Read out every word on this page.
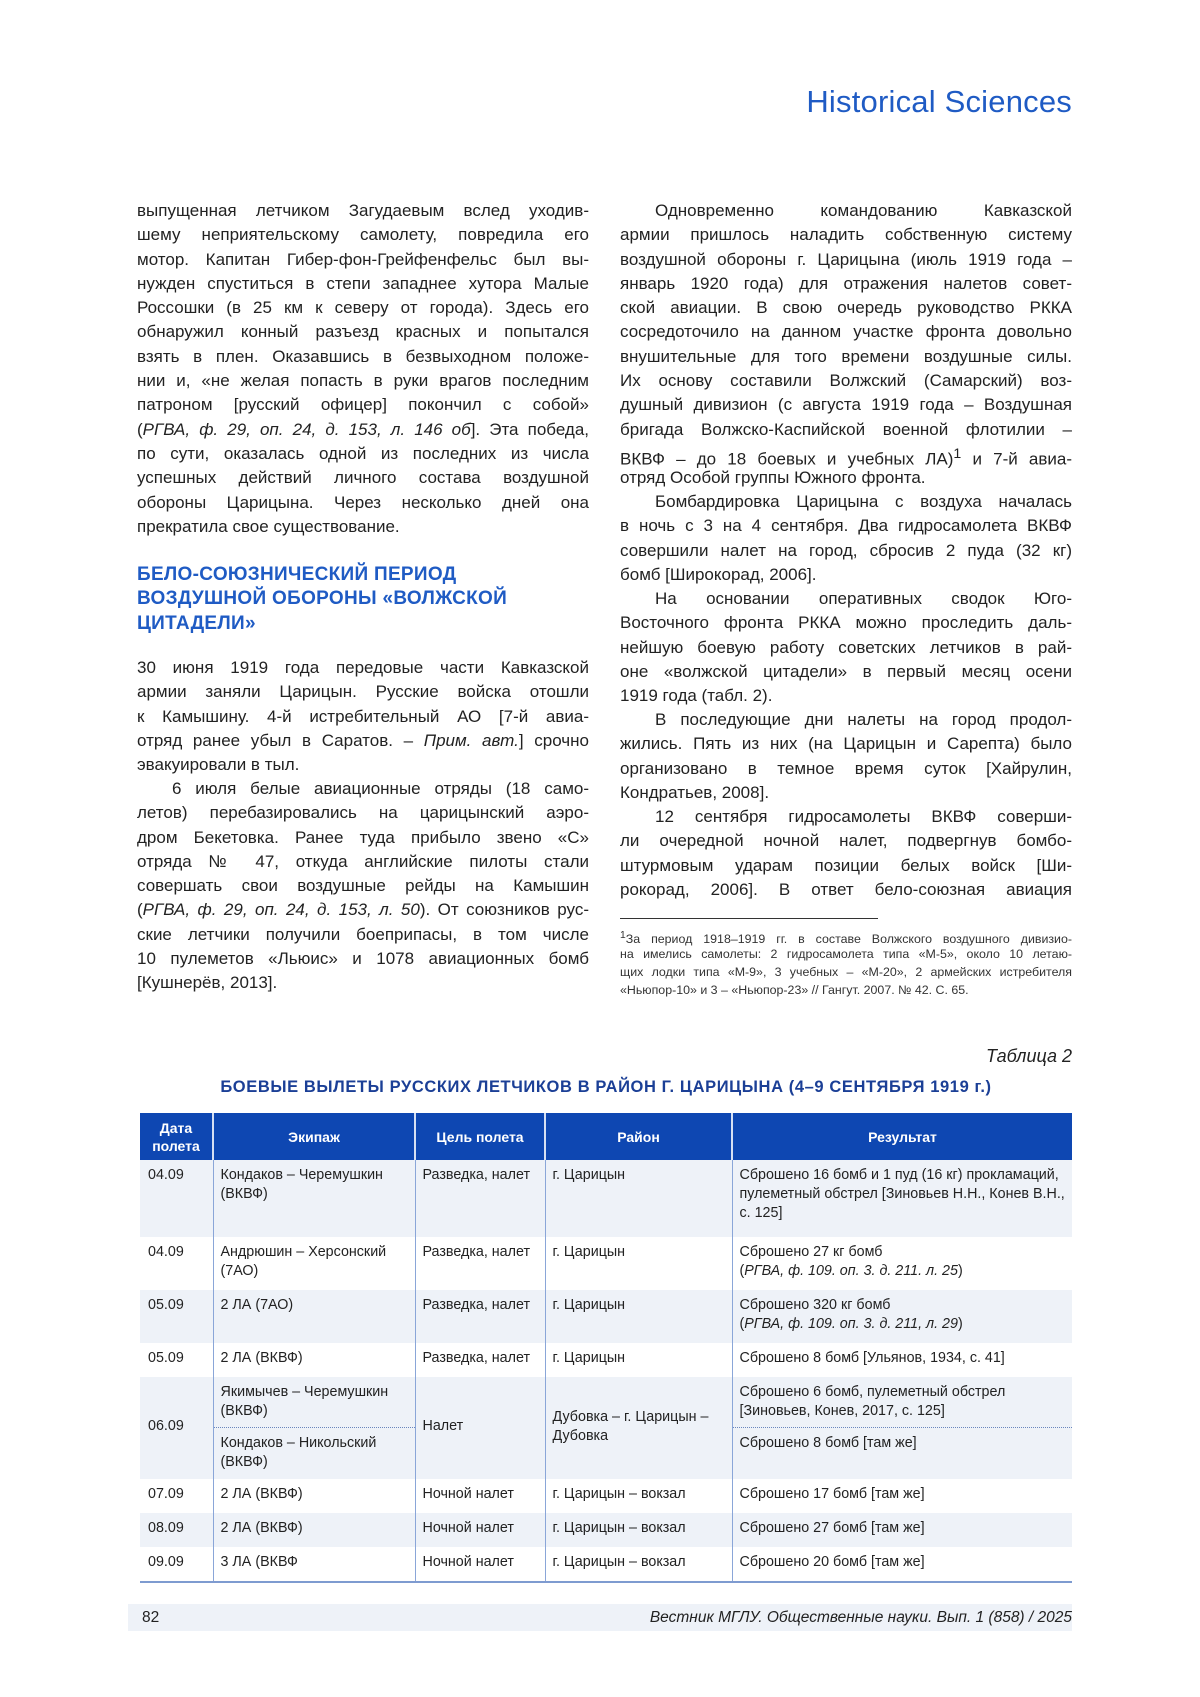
Historical Sciences
выпущенная летчиком Загудаевым вслед уходив-
шему неприятельскому самолету, повредила его
мотор. Капитан Гибер-фон-Грейфенфельс был вы-
нужден спуститься в степи западнее хутора Малые
Россошки (в 25 км к северу от города). Здесь его
обнаружил конный разъезд красных и попытался
взять в плен. Оказавшись в безвыходном положе-
нии и, «не желая попасть в руки врагов последним
патроном [русский офицер] покончил с собой»
(РГВА, ф. 29, оп. 24, д. 153, л. 146 об]. Эта победа,
по сути, оказалась одной из последних из числа
успешных действий личного состава воздушной
обороны Царицына. Через несколько дней она
прекратила свое существование.
БЕЛО-СОЮЗНИЧЕСКИЙ ПЕРИОД
ВОЗДУШНОЙ ОБОРОНЫ «ВОЛЖСКОЙ
ЦИТАДЕЛИ»
30 июня 1919 года передовые части Кавказской
армии заняли Царицын. Русские войска отошли
к Камышину. 4-й истребительный АО [7-й авиа-
отряд ранее убыл в Саратов. – Прим. авт.] срочно
эвакуировали в тыл.
6 июля белые авиационные отряды (18 само-
летов) перебазировались на царицынский аэро-
дром Бекетовка. Ранее туда прибыло звено «С»
отряда № 47, откуда английские пилоты стали
совершать свои воздушные рейды на Камышин
(РГВА, ф. 29, оп. 24, д. 153, л. 50). От союзников рус-
ские летчики получили боеприпасы, в том числе
10 пулеметов «Льюис» и 1078 авиационных бомб
[Кушнерёв, 2013].
Одновременно командованию Кавказской
армии пришлось наладить собственную систему
воздушной обороны г. Царицына (июль 1919 года –
январь 1920 года) для отражения налетов совет-
ской авиации. В свою очередь руководство РККА
сосредоточило на данном участке фронта довольно
внушительные для того времени воздушные силы.
Их основу составили Волжский (Самарский) воз-
душный дивизион (с августа 1919 года – Воздушная
бригада Волжско-Каспийской военной флотилии –
ВКВФ – до 18 боевых и учебных ЛА)1 и 7-й авиа-
отряд Особой группы Южного фронта.
Бомбардировка Царицына с воздуха началась
в ночь с 3 на 4 сентября. Два гидросамолета ВКВФ
совершили налет на город, сбросив 2 пуда (32 кг)
бомб [Широкорад, 2006].
На основании оперативных сводок Юго-
Восточного фронта РККА можно проследить даль-
нейшую боевую работу советских летчиков в рай-
оне «волжской цитадели» в первый месяц осени
1919 года (табл. 2).
В последующие дни налеты на город продол-
жились. Пять из них (на Царицын и Сарепта) было
организовано в темное время суток [Хайрулин,
Кондратьев, 2008].
12 сентября гидросамолеты ВКВФ соверши-
ли очередной ночной налет, подвергнув бомбо-
штурмовым ударам позиции белых войск [Ши-
рокорад, 2006]. В ответ бело-союзная авиация
1За период 1918–1919 гг. в составе Волжского воздушного дивизио-
на имелись самолеты: 2 гидросамолета типа «М-5», около 10 летаю-
щих лодки типа «М-9», 3 учебных – «М-20», 2 армейских истребителя
«Ньюпор-10» и 3 – «Ньюпор-23» // Гангут. 2007. № 42. С. 65.
Таблица 2
БОЕВЫЕ ВЫЛЕТЫ РУССКИХ ЛЕТЧИКОВ В РАЙОН Г. ЦАРИЦЫНА (4–9 СЕНТЯБРЯ 1919 г.)
Дата полета	Экипаж	Цель полета	Район	Результат
04.09	Кондаков – Черемушкин (ВКВФ)	Разведка, налет	г. Царицын	Сброшено 16 бомб и 1 пуд (16 кг) прокламаций, пулеметный обстрел [Зиновьев Н.Н., Конев В.Н., с. 125]
04.09	Андрюшин – Херсонский (7АО)	Разведка, налет	г. Царицын	Сброшено 27 кг бомб
(РГВА, ф. 109. оп. 3. д. 211. л. 25)
05.09	2 ЛА (7АО)	Разведка, налет	г. Царицын	Сброшено 320 кг бомб
(РГВА, ф. 109. оп. 3. д. 211, л. 29)
05.09	2 ЛА (ВКВФ)	Разведка, налет	г. Царицын	Сброшено 8 бомб [Ульянов, 1934, с. 41]
06.09	
Якимычев – Черемушкин (ВКВФ)
Кондаков – Никольский (ВКВФ)
	Налет	Дубовка – г. Царицын – Дубовка	
Сброшено 6 бомб, пулеметный обстрел [Зиновьев, Конев, 2017, с. 125]
Сброшено 8 бомб [там же]

07.09	2 ЛА (ВКВФ)	Ночной налет	г. Царицын – вокзал	Сброшено 17 бомб [там же]
08.09	2 ЛА (ВКВФ)	Ночной налет	г. Царицын – вокзал	Сброшено 27 бомб [там же]
09.09	3 ЛА (ВКВФ	Ночной налет	г. Царицын – вокзал	Сброшено 20 бомб [там же]
82	Вестник МГЛУ. Общественные науки. Вып. 1 (858) / 2025
